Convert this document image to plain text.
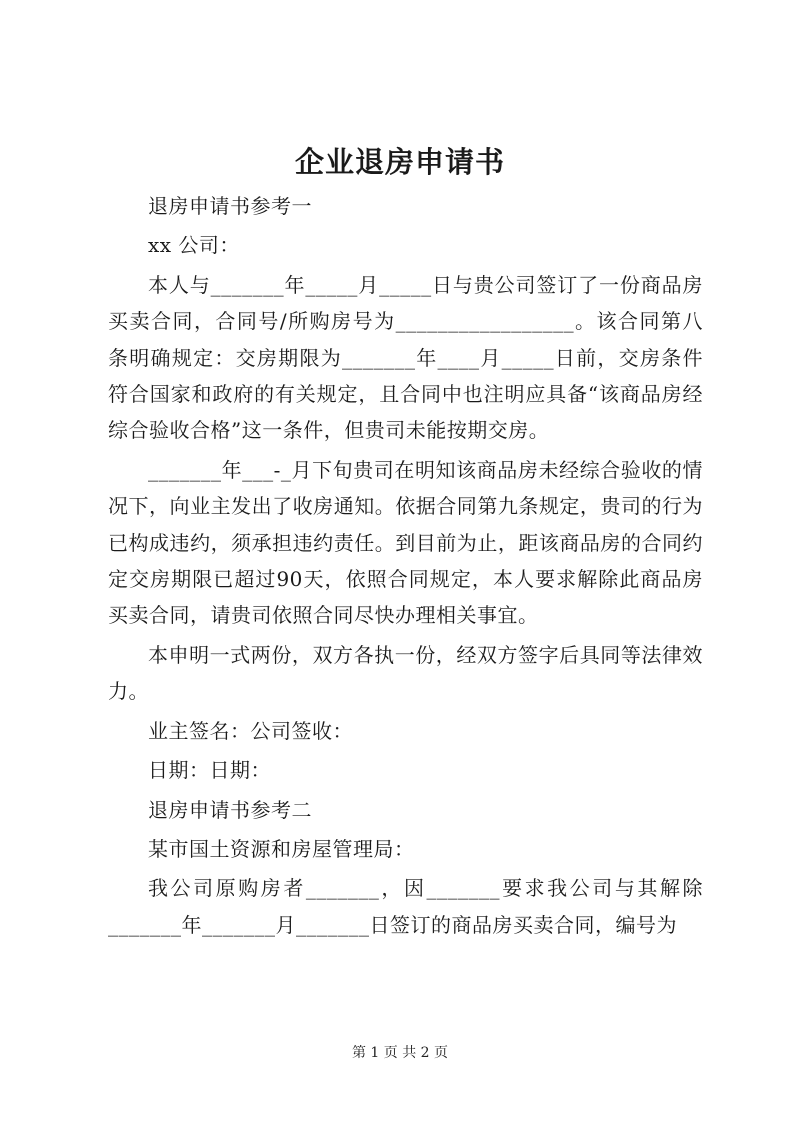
企业退房申请书

退房申请书参考一

xx 公司：

本人与_______年_____月_____日与贵公司签订了一份商品房买卖合同，合同号/所购房号为_________________。该合同第八条明确规定：交房期限为_______年____月_____日前，交房条件符合国家和政府的有关规定，且合同中也注明应具备“该商品房经综合验收合格”这一条件，但贵司未能按期交房。

_______年___-_月下旬贵司在明知该商品房未经综合验收的情况下，向业主发出了收房通知。依据合同第九条规定，贵司的行为已构成违约，须承担违约责任。到目前为止，距该商品房的合同约定交房期限已超过90天，依照合同规定，本人要求解除此商品房买卖合同，请贵司依照合同尽快办理相关事宜。

本申明一式两份，双方各执一份，经双方签字后具同等法律效力。

业主签名：公司签收：

日期：日期：

退房申请书参考二

某市国土资源和房屋管理局：

我公司原购房者_______，因_______要求我公司与其解除_______年_______月_______日签订的商品房买卖合同，编号为

第 1 页 共 2 页
